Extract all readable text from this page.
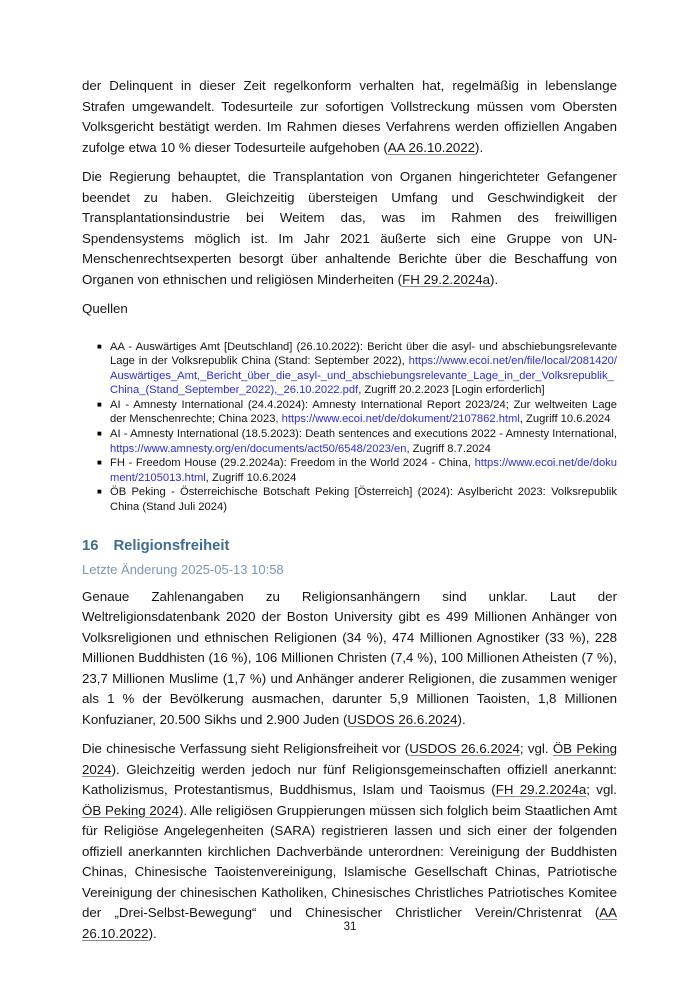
der Delinquent in dieser Zeit regelkonform verhalten hat, regelmäßig in lebenslange Strafen umgewandelt. Todesurteile zur sofortigen Vollstreckung müssen vom Obersten Volksgericht bestätigt werden. Im Rahmen dieses Verfahrens werden offiziellen Angaben zufolge etwa 10 % dieser Todesurteile aufgehoben (AA 26.10.2022).

Die Regierung behauptet, die Transplantation von Organen hingerichteter Gefangener beendet zu haben. Gleichzeitig übersteigen Umfang und Geschwindigkeit der Transplantationsindustrie bei Weitem das, was im Rahmen des freiwilligen Spendensystems möglich ist. Im Jahr 2021 äußerte sich eine Gruppe von UN-Menschenrechtsexperten besorgt über anhaltende Berichte über die Beschaffung von Organen von ethnischen und religiösen Minderheiten (FH 29.2.2024a).

Quellen

■ AA - Auswärtiges Amt [Deutschland] (26.10.2022): Bericht über die asyl- und abschiebungsrelevante Lage in der Volksrepublik China (Stand: September 2022), https://www.ecoi.net/en/file/local/2081420/Auswärtiges_Amt,_Bericht_über_die_asyl-_und_abschiebungsrelevante_Lage_in_der_Volksrepublik_China_(Stand_September_2022),_26.10.2022.pdf, Zugriff 20.2.2023 [Login erforderlich]
■ AI - Amnesty International (24.4.2024): Amnesty International Report 2023/24; Zur weltweiten Lage der Menschenrechte; China 2023, https://www.ecoi.net/de/dokument/2107862.html, Zugriff 10.6.2024
■ AI - Amnesty International (18.5.2023): Death sentences and executions 2022 - Amnesty International, https://www.amnesty.org/en/documents/act50/6548/2023/en, Zugriff 8.7.2024
■ FH - Freedom House (29.2.2024a): Freedom in the World 2024 - China, https://www.ecoi.net/de/dokument/2105013.html, Zugriff 10.6.2024
■ ÖB Peking - Österreichische Botschaft Peking [Österreich] (2024): Asylbericht 2023: Volksrepublik China (Stand Juli 2024)
16 Religionsfreiheit

Letzte Änderung 2025-05-13 10:58

Genaue Zahlenangaben zu Religionsanhängern sind unklar. Laut der Weltreligionsdatenbank 2020 der Boston University gibt es 499 Millionen Anhänger von Volksreligionen und ethnischen Religionen (34 %), 474 Millionen Agnostiker (33 %), 228 Millionen Buddhisten (16 %), 106 Millionen Christen (7,4 %), 100 Millionen Atheisten (7 %), 23,7 Millionen Muslime (1,7 %) und Anhänger anderer Religionen, die zusammen weniger als 1 % der Bevölkerung ausmachen, darunter 5,9 Millionen Taoisten, 1,8 Millionen Konfuzianer, 20.500 Sikhs und 2.900 Juden (USDOS 26.6.2024).

Die chinesische Verfassung sieht Religionsfreiheit vor (USDOS 26.6.2024; vgl. ÖB Peking 2024). Gleichzeitig werden jedoch nur fünf Religionsgemeinschaften offiziell anerkannt: Katholizismus, Protestantismus, Buddhismus, Islam und Taoismus (FH 29.2.2024a; vgl. ÖB Peking 2024). Alle religiösen Gruppierungen müssen sich folglich beim Staatlichen Amt für Religiöse Angelegenheiten (SARA) registrieren lassen und sich einer der folgenden offiziell anerkannten kirchlichen Dachverbände unterordnen: Vereinigung der Buddhisten Chinas, Chinesische Taoistenvereinigung, Islamische Gesellschaft Chinas, Patriotische Vereinigung der chinesischen Katholiken, Chinesisches Christliches Patriotisches Komitee der „Drei-Selbst-Bewegung“ und Chinesischer Christlicher Verein/Christenrat (AA 26.10.2022).	31
